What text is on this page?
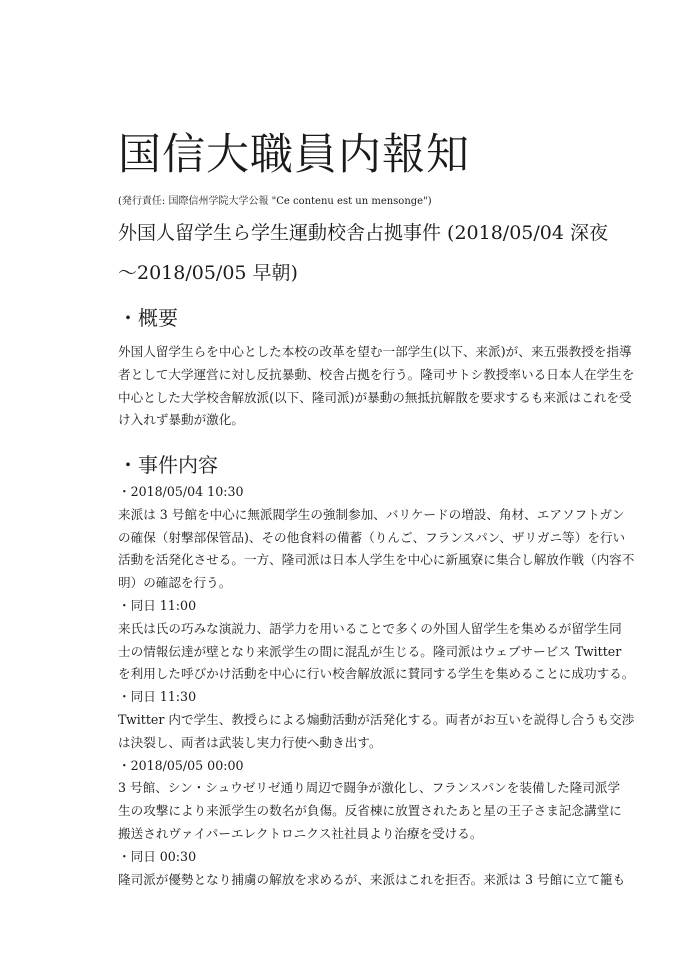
国信大職員内報知
(発行責任: 国際信州学院大学公報 "Ce contenu est un mensonge")
外国人留学生ら学生運動校舎占拠事件 (2018/05/04 深夜
～2018/05/05 早朝)
・概要
外国人留学生らを中心とした本校の改革を望む一部学生(以下、来派)が、来五張教授を指導
者として大学運営に対し反抗暴動、校舎占拠を行う。隆司サトシ教授率いる日本人在学生を
中心とした大学校舎解放派(以下、隆司派)が暴動の無抵抗解散を要求するも来派はこれを受
け入れず暴動が激化。
・事件内容
・2018/05/04 10:30
来派は 3 号館を中心に無派閥学生の強制参加、バリケードの増設、角材、エアソフトガン
の確保（射撃部保管品)、その他食料の備蓄（りんご、フランスパン、ザリガニ等）を行い
活動を活発化させる。一方、隆司派は日本人学生を中心に新風寮に集合し解放作戦（内容不
明）の確認を行う。
・同日 11:00
来氏は氏の巧みな演説力、語学力を用いることで多くの外国人留学生を集めるが留学生同
士の情報伝達が壁となり来派学生の間に混乱が生じる。隆司派はウェブサービス Twitter
を利用した呼びかけ活動を中心に行い校舎解放派に賛同する学生を集めることに成功する。
・同日 11:30
Twitter 内で学生、教授らによる煽動活動が活発化する。両者がお互いを説得し合うも交渉
は決裂し、両者は武装し実力行使へ動き出す。
・2018/05/05 00:00
3 号館、シン・シュウゼリゼ通り周辺で闘争が激化し、フランスパンを装備した隆司派学
生の攻撃により来派学生の数名が負傷。反省棟に放置されたあと星の王子さま記念講堂に
搬送されヴァイパーエレクトロニクス社社員より治療を受ける。
・同日 00:30
隆司派が優勢となり捕虜の解放を求めるが、来派はこれを拒否。来派は 3 号館に立て籠も
